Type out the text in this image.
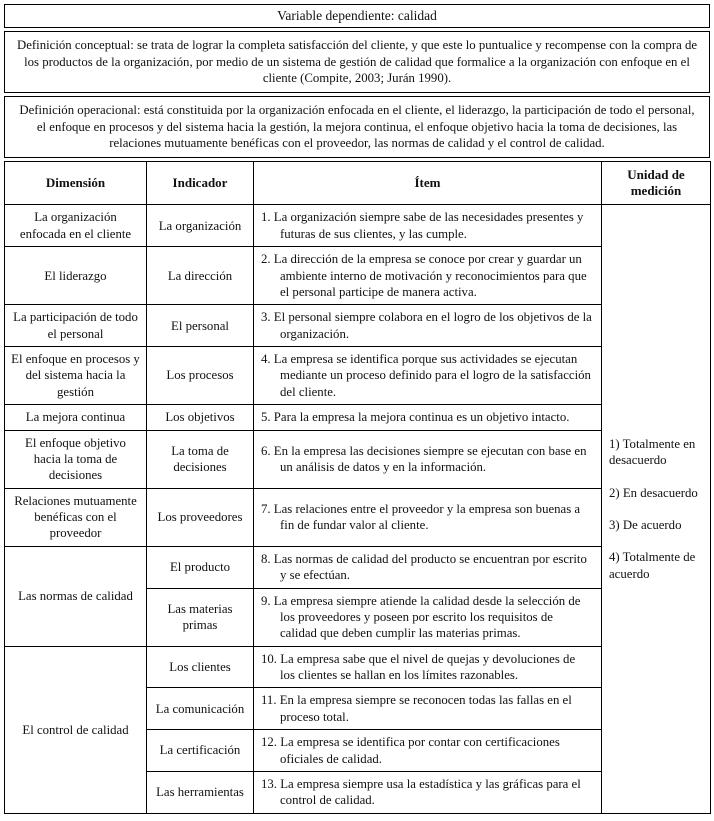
Variable dependiente: calidad
Definición conceptual: se trata de lograr la completa satisfacción del cliente, y que este lo puntualice y recompense con la compra de los productos de la organización, por medio de un sistema de gestión de calidad que formalice a la organización con enfoque en el cliente (Compite, 2003; Jurán 1990).
Definición operacional: está constituida por la organización enfocada en el cliente, el liderazgo, la participación de todo el personal, el enfoque en procesos y del sistema hacia la gestión, la mejora continua, el enfoque objetivo hacia la toma de decisiones, las relaciones mutuamente benéficas con el proveedor, las normas de calidad y el control de calidad.
Dimensión	Indicador	Ítem	Unidad de medición
La organización enfocada en el cliente	La organización	1. La organización siempre sabe de las necesidades presentes y futuras de sus clientes, y las cumple.	1) Totalmente en desacuerdo

2) En desacuerdo

3) De acuerdo

4) Totalmente de acuerdo

El liderazgo	La dirección	2. La dirección de la empresa se conoce por crear y guardar un ambiente interno de motivación y reconocimientos para que el personal participe de manera activa.	
La participación de todo el personal	El personal	3. El personal siempre colabora en el logro de los objetivos de la organización.	
El enfoque en procesos y del sistema hacia la gestión	Los procesos	4. La empresa se identifica porque sus actividades se ejecutan mediante un proceso definido para el logro de la satisfacción del cliente.	
La mejora continua	Los objetivos	5. Para la empresa la mejora continua es un objetivo intacto.	
El enfoque objetivo hacia la toma de decisiones	La toma de decisiones	6. En la empresa las decisiones siempre se ejecutan con base en un análisis de datos y en la información.	
Relaciones mutuamente benéficas con el proveedor	Los proveedores	7. Las relaciones entre el proveedor y la empresa son buenas a fin de fundar valor al cliente.	
Las normas de calidad	El producto	8. Las normas de calidad del producto se encuentran por escrito y se efectúan.	
	Las materias primas	9. La empresa siempre atiende la calidad desde la selección de los proveedores y poseen por escrito los requisitos de calidad que deben cumplir las materias primas.	
El control de calidad	Los clientes	10. La empresa sabe que el nivel de quejas y devoluciones de los clientes se hallan en los límites razonables.	
	La comunicación	11. En la empresa siempre se reconocen todas las fallas en el proceso total.	
	La certificación	12. La empresa se identifica por contar con certificaciones oficiales de calidad.	
	Las herramientas	13. La empresa siempre usa la estadística y las gráficas para el control de calidad.	
